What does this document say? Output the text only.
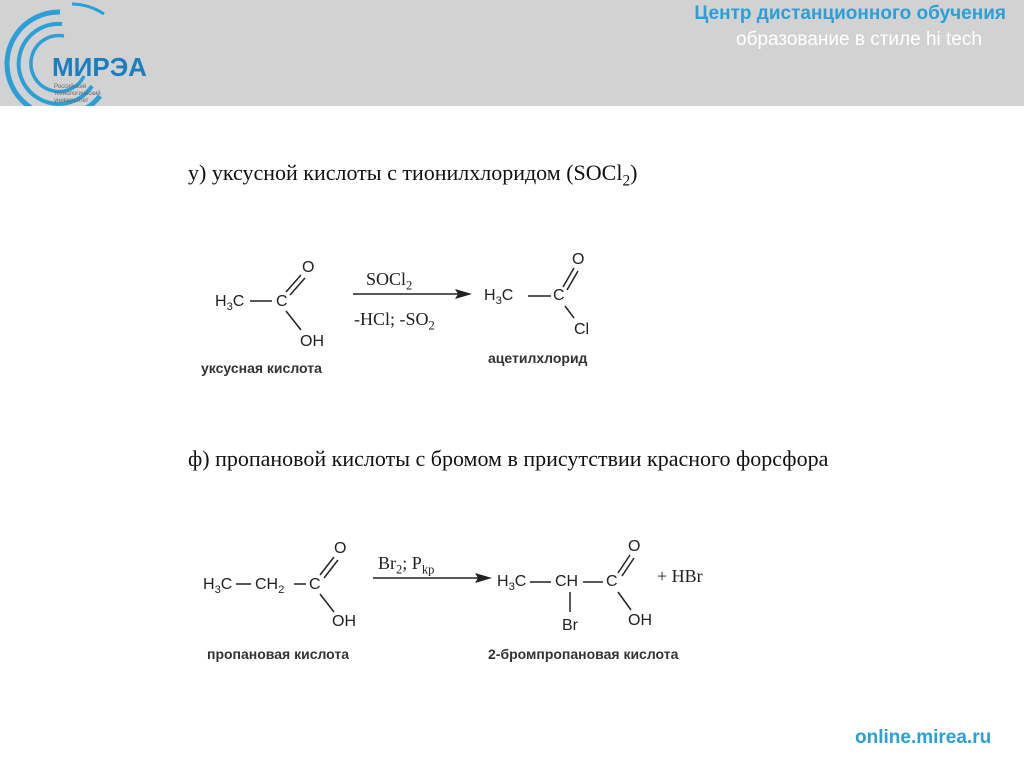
МИРЭА
Российский
технологический
университет
Центр дистанционного обучения
образование в стиле hi tech
у) уксусной кислоты с тионилхлоридом (SOCl$_2$)
$H_3C$ C
O
OH
уксусная кислота
SOCl$_2$
-HCl; $-SO_2$
$H_3C$ C
O
Cl
ацетилхлорид
ф) пропановой кислоты с бромом в присутствии красного форсфора
$H_3C$ $CH_2$ C
O
OH
пропановая кислота
$Br_2$; $P_{kp}$
$H_3C$ CH C
O
OH
Br
+ HBr
2-бромпропановая кислота
online.mirea.ru
